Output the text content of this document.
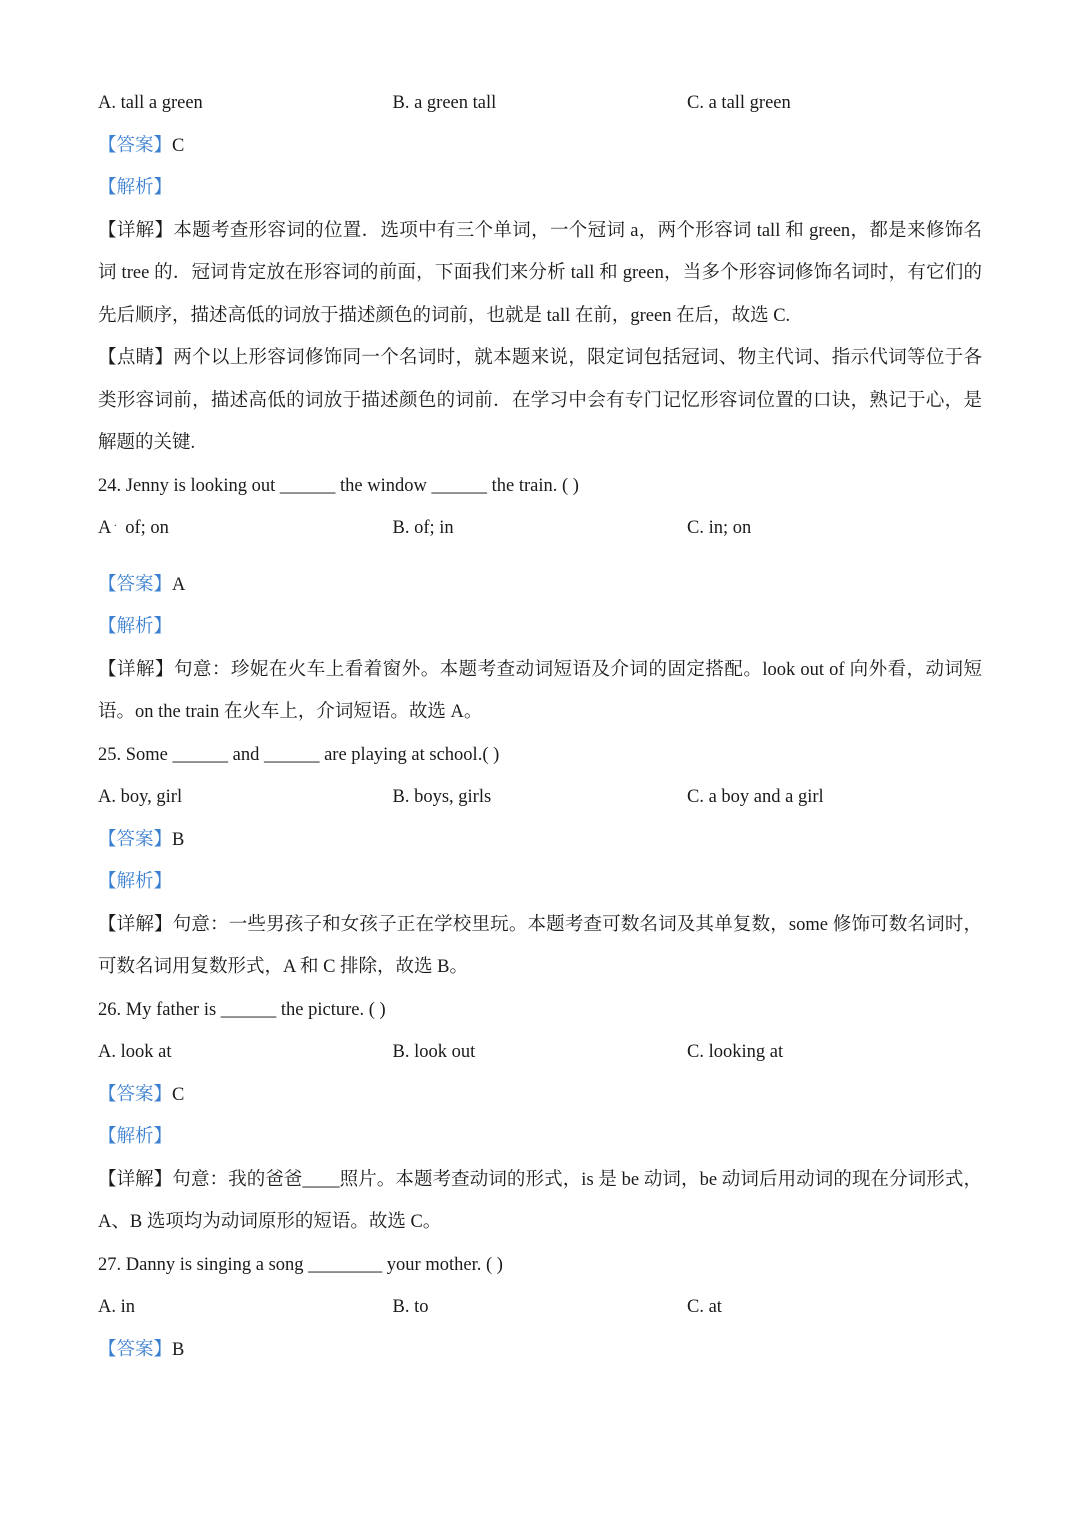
A. tall a green	B. a green tall	C. a tall green
【答案】C
【解析】
【详解】本题考查形容词的位置．选项中有三个单词，一个冠词 a，两个形容词 tall 和 green，都是来修饰名词 tree 的．冠词肯定放在形容词的前面，下面我们来分析 tall 和 green，当多个形容词修饰名词时，有它们的先后顺序，描述高低的词放于描述颜色的词前，也就是 tall 在前，green 在后，故选 C.
【点睛】两个以上形容词修饰同一个名词时，就本题来说，限定词包括冠词、物主代词、指示代词等位于各类形容词前，描述高低的词放于描述颜色的词前．在学习中会有专门记忆形容词位置的口诀，熟记于心，是解题的关键.
24. Jenny is looking out ______ the window ______ the train. ( )
A . of; on	B. of; in	C. in; on
【答案】A
【解析】
【详解】句意：珍妮在火车上看着窗外。本题考查动词短语及介词的固定搭配。look out of 向外看，动词短语。on the train 在火车上，介词短语。故选 A。
25. Some ______ and ______ are playing at school.( )
A. boy, girl	B. boys, girls	C. a boy and a girl
【答案】B
【解析】
【详解】句意：一些男孩子和女孩子正在学校里玩。本题考查可数名词及其单复数，some 修饰可数名词时，可数名词用复数形式，A 和 C 排除，故选 B。
26. My father is ______ the picture. ( )
A. look at	B. look out	C. looking at
【答案】C
【解析】
【详解】句意：我的爸爸____照片。本题考查动词的形式，is 是 be 动词，be 动词后用动词的现在分词形式，A、B 选项均为动词原形的短语。故选 C。
27. Danny is singing a song ________ your mother. ( )
A. in	B. to	C. at
【答案】B
